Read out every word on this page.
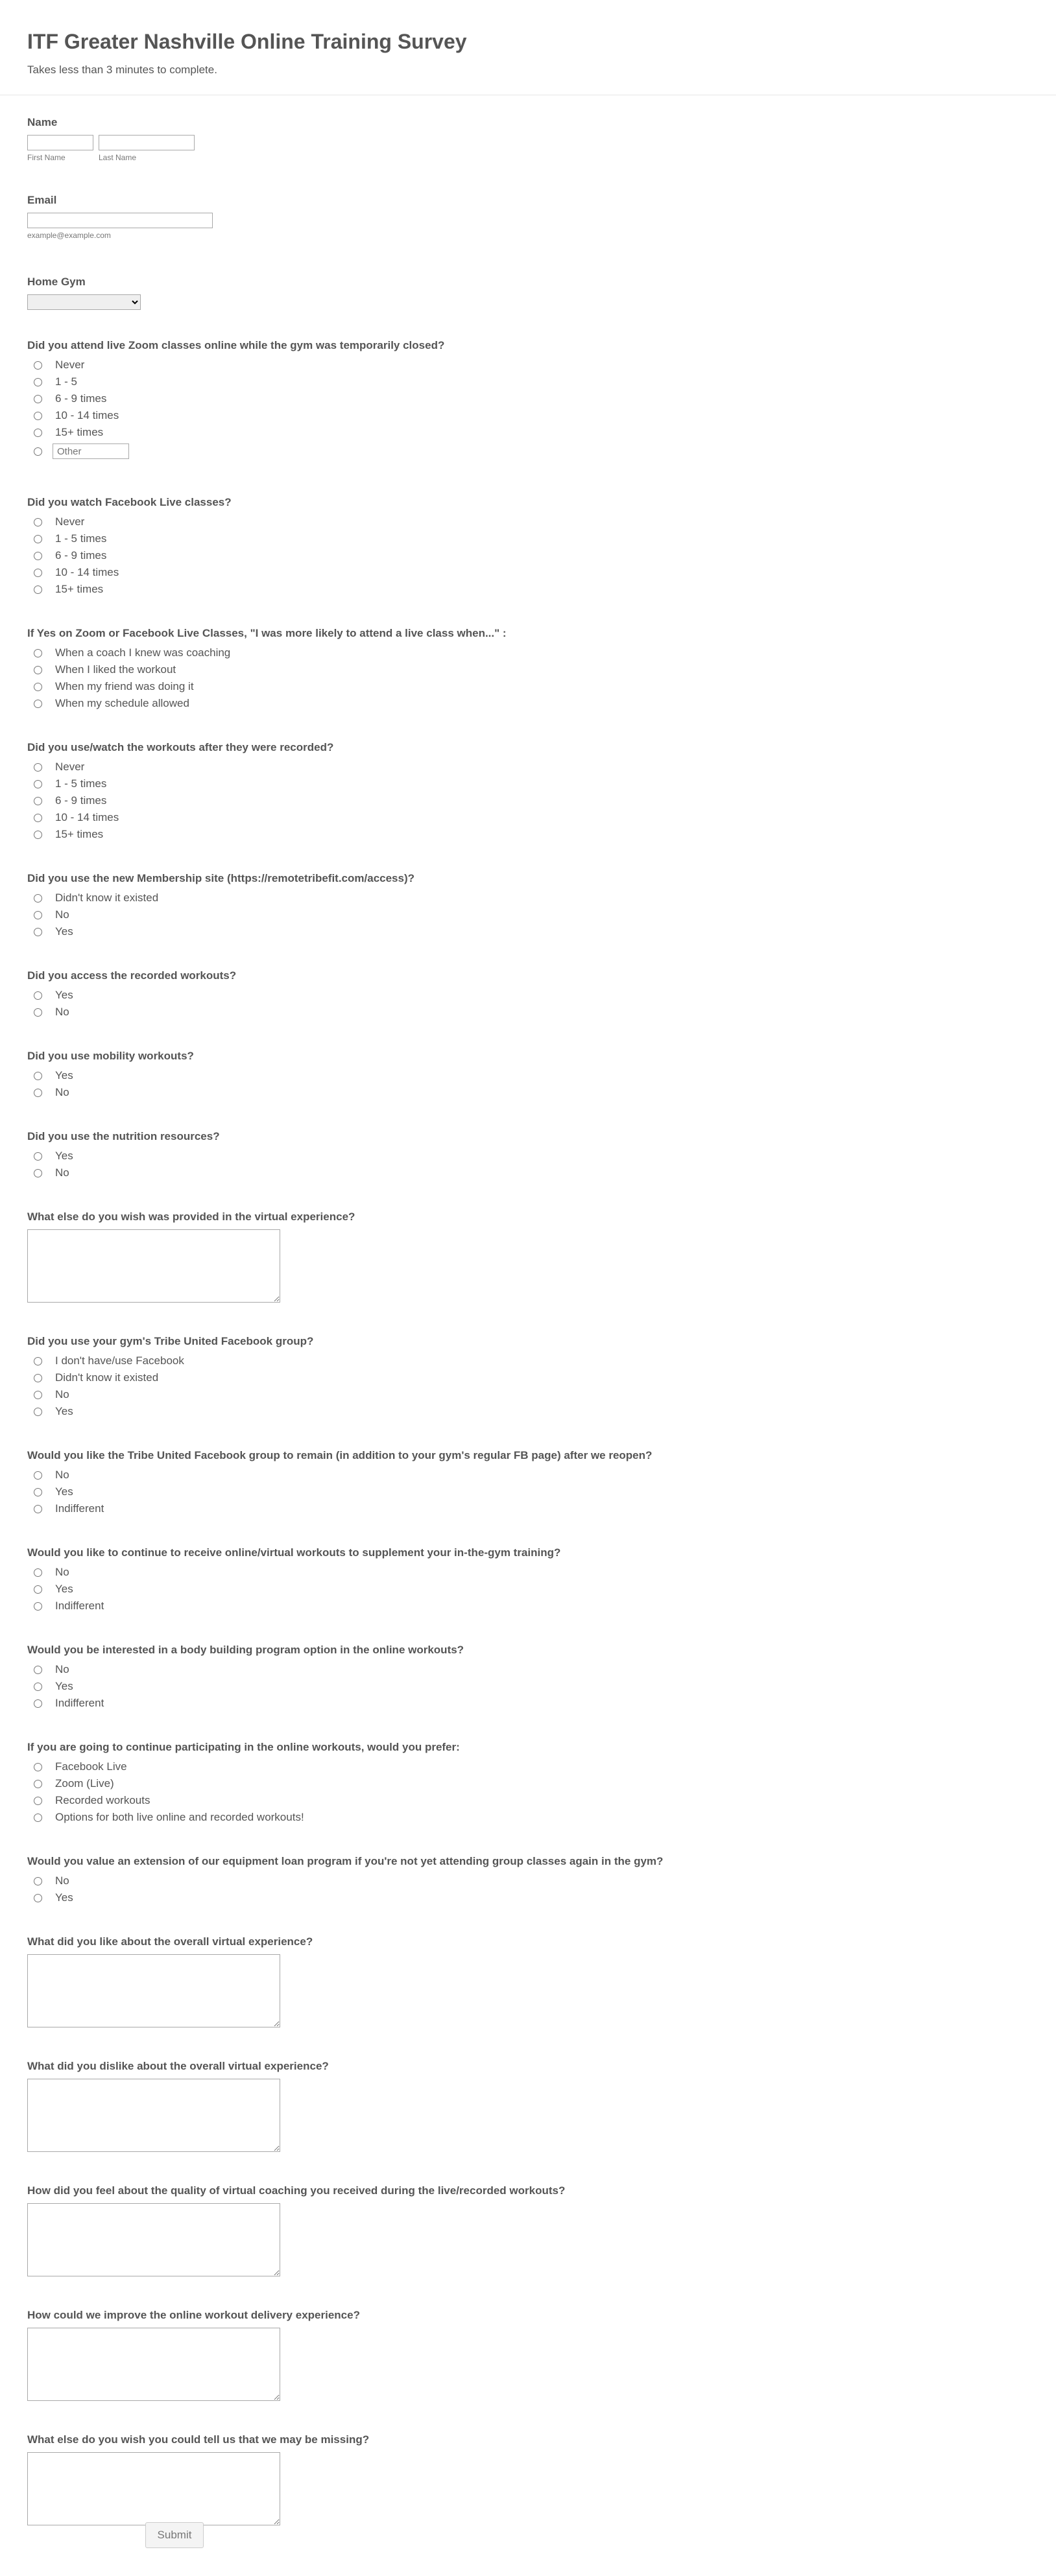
ITF Greater Nashville Online Training Survey
Takes less than 3 minutes to complete.
Name
First Name	Last Name
Email
example@example.com
Home Gym
Did you attend live Zoom classes online while the gym was temporarily closed?
Never
1 - 5
6 - 9 times
10 - 14 times
15+ times
Other
Did you watch Facebook Live classes?
Never
1 - 5 times
6 - 9 times
10 - 14 times
15+ times
If Yes on Zoom or Facebook Live Classes, "I was more likely to attend a live class when..." :
When a coach I knew was coaching
When I liked the workout
When my friend was doing it
When my schedule allowed
Did you use/watch the workouts after they were recorded?
Never
1 - 5 times
6 - 9 times
10 - 14 times
15+ times
Did you use the new Membership site (https://remotetribefit.com/access)?
Didn't know it existed
No
Yes
Did you access the recorded workouts?
Yes
No
Did you use mobility workouts?
Yes
No
Did you use the nutrition resources?
Yes
No
What else do you wish was provided in the virtual experience?
Did you use your gym's Tribe United Facebook group?
I don't have/use Facebook
Didn't know it existed
No
Yes
Would you like the Tribe United Facebook group to remain (in addition to your gym's regular FB page) after we reopen?
No
Yes
Indifferent
Would you like to continue to receive online/virtual workouts to supplement your in-the-gym training?
No
Yes
Indifferent
Would you be interested in a body building program option in the online workouts?
No
Yes
Indifferent
If you are going to continue participating in the online workouts, would you prefer:
Facebook Live
Zoom (Live)
Recorded workouts
Options for both live online and recorded workouts!
Would you value an extension of our equipment loan program if you're not yet attending group classes again in the gym?
No
Yes
What did you like about the overall virtual experience?
What did you dislike about the overall virtual experience?
How did you feel about the quality of virtual coaching you received during the live/recorded workouts?
How could we improve the online workout delivery experience?
What else do you wish you could tell us that we may be missing?
Submit
